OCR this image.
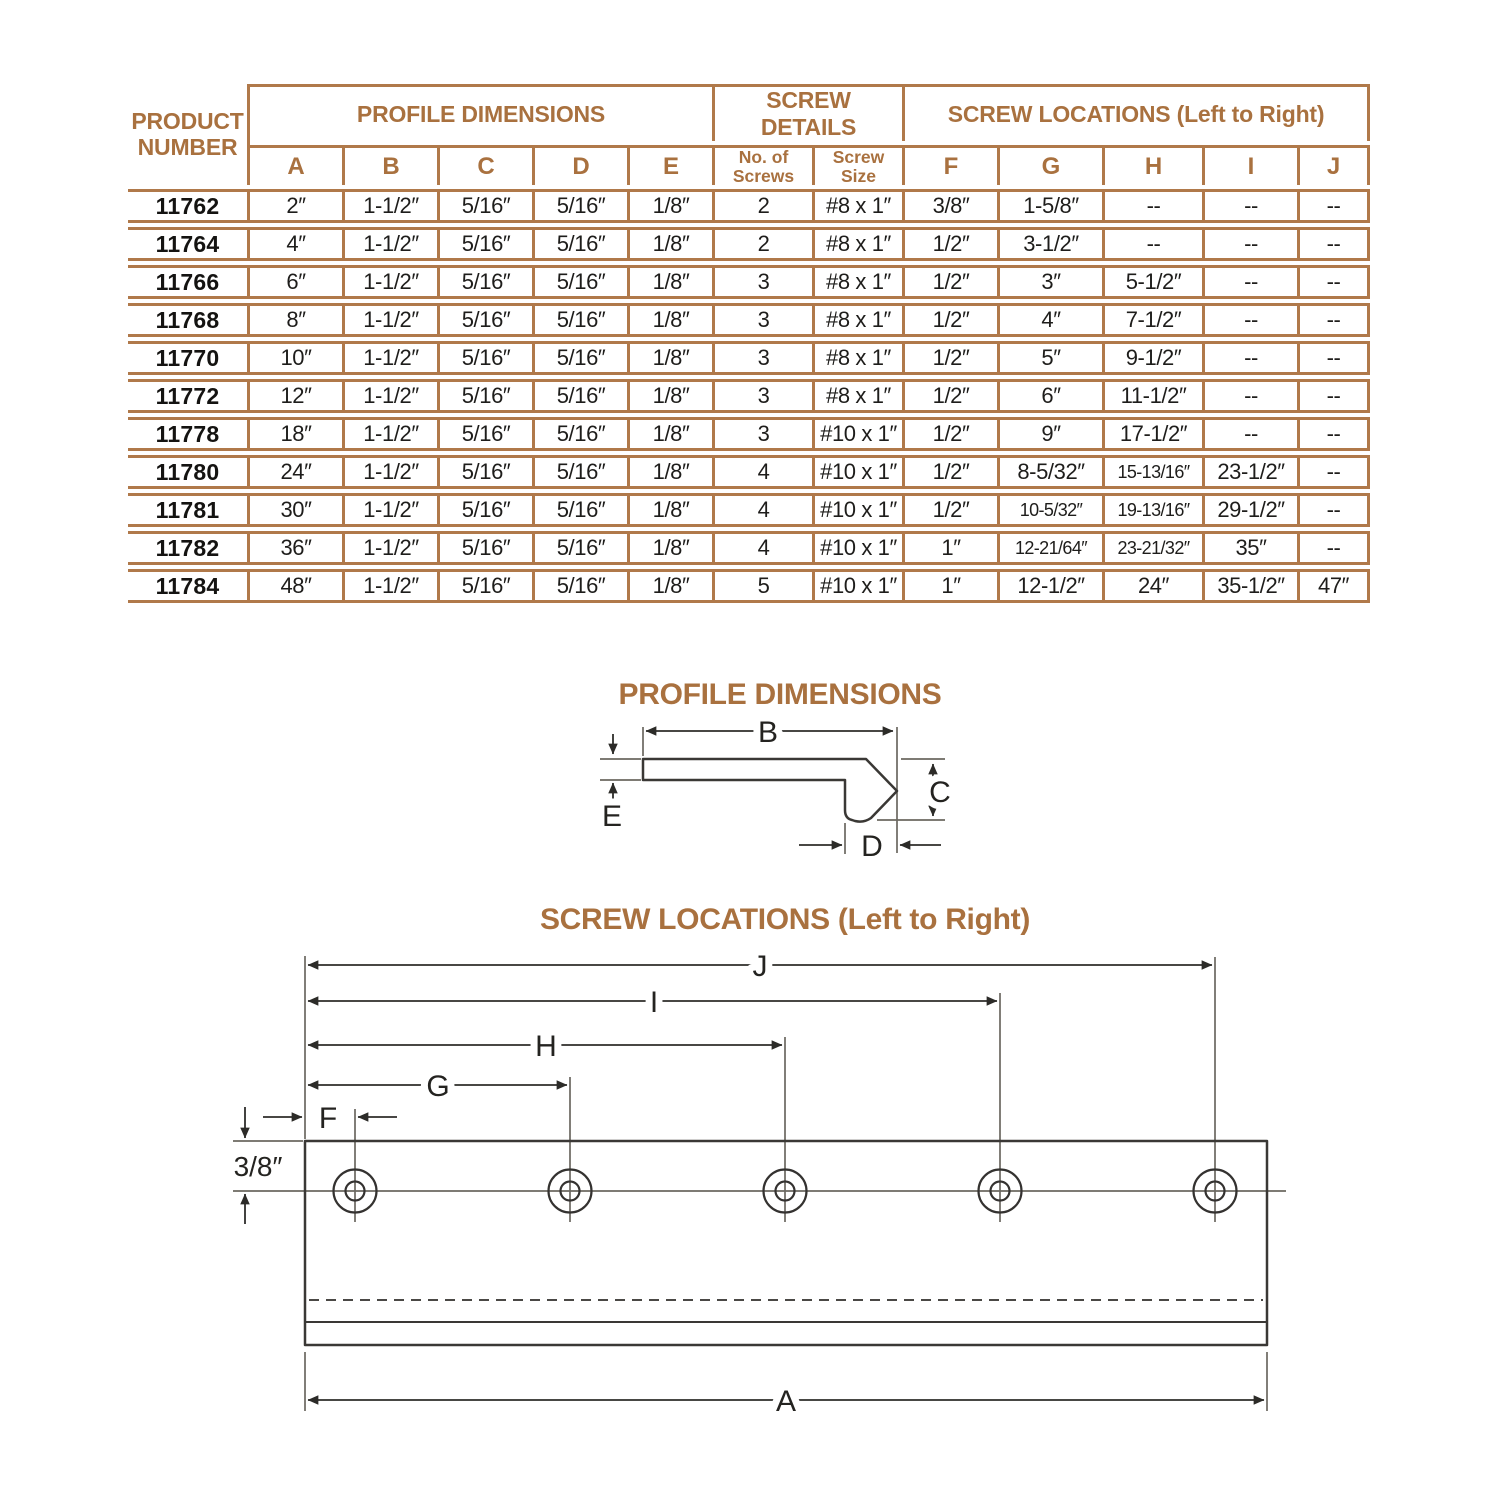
PRODUCT NUMBER	PROFILE DIMENSIONS					SCREW DETAILS		SCREW LOCATIONS (Left to Right)				
	A	B	C	D	E	No. of Screws	Screw Size	F	G	H	I	J
11762	2″	1-1/2″	5/16″	5/16″	1/8″	2	#8 x 1″	3/8″	1-5/8″	--	--	--
11764	4″	1-1/2″	5/16″	5/16″	1/8″	2	#8 x 1″	1/2″	3-1/2″	--	--	--
11766	6″	1-1/2″	5/16″	5/16″	1/8″	3	#8 x 1″	1/2″	3″	5-1/2″	--	--
11768	8″	1-1/2″	5/16″	5/16″	1/8″	3	#8 x 1″	1/2″	4″	7-1/2″	--	--
11770	10″	1-1/2″	5/16″	5/16″	1/8″	3	#8 x 1″	1/2″	5″	9-1/2″	--	--
11772	12″	1-1/2″	5/16″	5/16″	1/8″	3	#8 x 1″	1/2″	6″	11-1/2″	--	--
11778	18″	1-1/2″	5/16″	5/16″	1/8″	3	#10 x 1″	1/2″	9″	17-1/2″	--	--
11780	24″	1-1/2″	5/16″	5/16″	1/8″	4	#10 x 1″	1/2″	8-5/32″	15-13/16″	23-1/2″	--
11781	30″	1-1/2″	5/16″	5/16″	1/8″	4	#10 x 1″	1/2″	10-5/32″	19-13/16″	29-1/2″	--
11782	36″	1-1/2″	5/16″	5/16″	1/8″	4	#10 x 1″	1″	12-21/64″	23-21/32″	35″	--
11784	48″	1-1/2″	5/16″	5/16″	1/8″	5	#10 x 1″	1″	12-1/2″	24″	35-1/2″	47″
PROFILE DIMENSIONS
B
C
D
E
SCREW LOCATIONS (Left to Right)
J
I
H
G
F
3/8″
A
